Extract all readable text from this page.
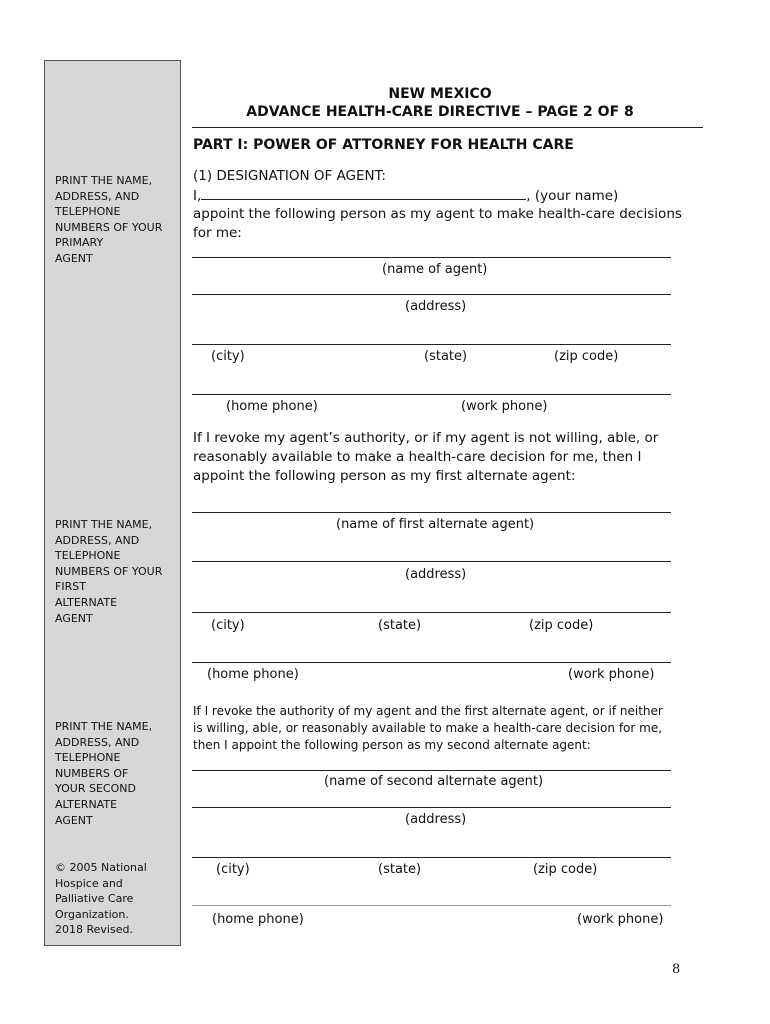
PRINT THE NAME,
ADDRESS, AND
TELEPHONE
NUMBERS OF YOUR
PRIMARY
AGENT
PRINT THE NAME,
ADDRESS, AND
TELEPHONE
NUMBERS OF YOUR
FIRST
ALTERNATE
AGENT
PRINT THE NAME,
ADDRESS, AND
TELEPHONE
NUMBERS OF
YOUR SECOND
ALTERNATE
AGENT
© 2005 National
Hospice and
Palliative Care
Organization.
2018 Revised.
NEW MEXICO
ADVANCE HEALTH-CARE DIRECTIVE – PAGE 2 OF 8
PART I: POWER OF ATTORNEY FOR HEALTH CARE
(1) DESIGNATION OF AGENT:
I,	, (your name)
appoint the following person as my agent to make health-care decisions
for me:
(name of agent)
(address)
(city)	(state)	(zip code)
(home phone)	(work phone)
If I revoke my agent’s authority, or if my agent is not willing, able, or
reasonably available to make a health-care decision for me, then I
appoint the following person as my first alternate agent:
(name of first alternate agent)
(address)
(city)	(state)	(zip code)
(home phone)	(work phone)
If I revoke the authority of my agent and the first alternate agent, or if neither
is willing, able, or reasonably available to make a health-care decision for me,
then I appoint the following person as my second alternate agent:
(name of second alternate agent)
(address)
(city)	(state)	(zip code)
(home phone)	(work phone)
8
